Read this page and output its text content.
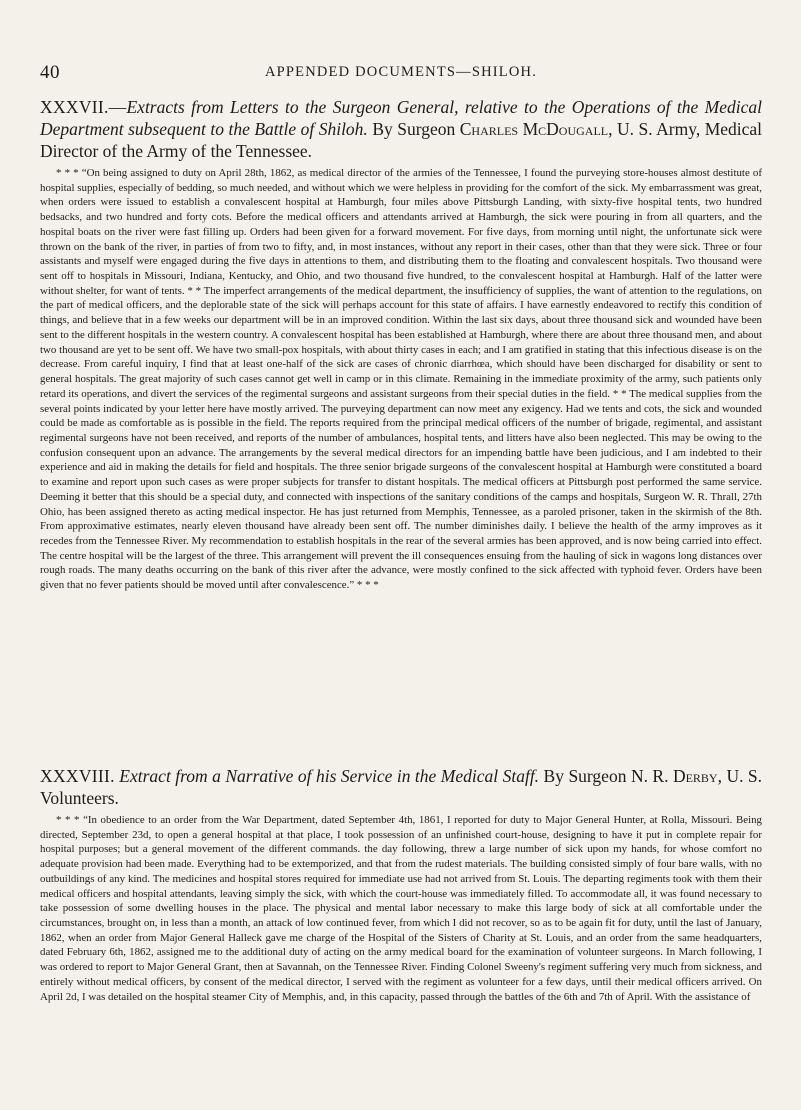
40	APPENDED DOCUMENTS—SHILOH.

XXXVII.—Extracts from Letters to the Surgeon General, relative to the Operations of the Medical Department subsequent to the Battle of Shiloh. By Surgeon Charles McDougall, U. S. Army, Medical Director of the Army of the Tennessee.

* * * “On being assigned to duty on April 28th, 1862, as medical director of the armies of the Tennessee, I found the purveying store-houses almost destitute of hospital supplies, especially of bedding, so much needed, and without which we were helpless in providing for the comfort of the sick. My embarrassment was great, when orders were issued to establish a convalescent hospital at Hamburgh, four miles above Pittsburgh Landing, with sixty-five hospital tents, two hundred bedsacks, and two hundred and forty cots. Before the medical officers and attendants arrived at Hamburgh, the sick were pouring in from all quarters, and the hospital boats on the river were fast filling up. Orders had been given for a forward movement. For five days, from morning until night, the unfortunate sick were thrown on the bank of the river, in parties of from two to fifty, and, in most instances, without any report in their cases, other than that they were sick. Three or four assistants and myself were engaged during the five days in attentions to them, and distributing them to the floating and convalescent hospitals. Two thousand were sent off to hospitals in Missouri, Indiana, Kentucky, and Ohio, and two thousand five hundred, to the convalescent hospital at Hamburgh. Half of the latter were without shelter, for want of tents. * * The imperfect arrangements of the medical department, the insufficiency of supplies, the want of attention to the regulations, on the part of medical officers, and the deplorable state of the sick will perhaps account for this state of affairs. I have earnestly endeavored to rectify this condition of things, and believe that in a few weeks our department will be in an improved condition. Within the last six days, about three thousand sick and wounded have been sent to the different hospitals in the western country. A convalescent hospital has been established at Hamburgh, where there are about three thousand men, and about two thousand are yet to be sent off. We have two small-pox hospitals, with about thirty cases in each; and I am gratified in stating that this infectious disease is on the decrease. From careful inquiry, I find that at least one-half of the sick are cases of chronic diarrhœa, which should have been discharged for disability or sent to general hospitals. The great majority of such cases cannot get well in camp or in this climate. Remaining in the immediate proximity of the army, such patients only retard its operations, and divert the services of the regimental surgeons and assistant surgeons from their special duties in the field. * * The medical supplies from the several points indicated by your letter here have mostly arrived. The purveying department can now meet any exigency. Had we tents and cots, the sick and wounded could be made as comfortable as is possible in the field. The reports required from the principal medical officers of the number of brigade, regimental, and assistant regimental surgeons have not been received, and reports of the number of ambulances, hospital tents, and litters have also been neglected. This may be owing to the confusion consequent upon an advance. The arrangements by the several medical directors for an impending battle have been judicious, and I am indebted to their experience and aid in making the details for field and hospitals. The three senior brigade surgeons of the convalescent hospital at Hamburgh were constituted a board to examine and report upon such cases as were proper subjects for transfer to distant hospitals. The medical officers at Pittsburgh post performed the same service. Deeming it better that this should be a special duty, and connected with inspections of the sanitary conditions of the camps and hospitals, Surgeon W. R. Thrall, 27th Ohio, has been assigned thereto as acting medical inspector. He has just returned from Memphis, Tennessee, as a paroled prisoner, taken in the skirmish of the 8th. From approximative estimates, nearly eleven thousand have already been sent off. The number diminishes daily. I believe the health of the army improves as it recedes from the Tennessee River. My recommendation to establish hospitals in the rear of the several armies has been approved, and is now being carried into effect. The centre hospital will be the largest of the three. This arrangement will prevent the ill consequences ensuing from the hauling of sick in wagons long distances over rough roads. The many deaths occurring on the bank of this river after the advance, were mostly confined to the sick affected with typhoid fever. Orders have been given that no fever patients should be moved until after convalescence.” * * *

XXXVIII. Extract from a Narrative of his Service in the Medical Staff. By Surgeon N. R. Derby, U. S. Volunteers.

* * * “In obedience to an order from the War Department, dated September 4th, 1861, I reported for duty to Major General Hunter, at Rolla, Missouri. Being directed, September 23d, to open a general hospital at that place, I took possession of an unfinished court-house, designing to have it put in complete repair for hospital purposes; but a general movement of the different commands. the day following, threw a large number of sick upon my hands, for whose comfort no adequate provision had been made. Everything had to be extemporized, and that from the rudest materials. The building consisted simply of four bare walls, with no outbuildings of any kind. The medicines and hospital stores required for immediate use had not arrived from St. Louis. The departing regiments took with them their medical officers and hospital attendants, leaving simply the sick, with which the court-house was immediately filled. To accommodate all, it was found necessary to take possession of some dwelling houses in the place. The physical and mental labor necessary to make this large body of sick at all comfortable under the circumstances, brought on, in less than a month, an attack of low continued fever, from which I did not recover, so as to be again fit for duty, until the last of January, 1862, when an order from Major General Halleck gave me charge of the Hospital of the Sisters of Charity at St. Louis, and an order from the same headquarters, dated February 6th, 1862, assigned me to the additional duty of acting on the army medical board for the examination of volunteer surgeons. In March following, I was ordered to report to Major General Grant, then at Savannah, on the Tennessee River. Finding Colonel Sweeny's regiment suffering very much from sickness, and entirely without medical officers, by consent of the medical director, I served with the regiment as volunteer for a few days, until their medical officers arrived. On April 2d, I was detailed on the hospital steamer City of Memphis, and, in this capacity, passed through the battles of the 6th and 7th of April. With the assistance of
